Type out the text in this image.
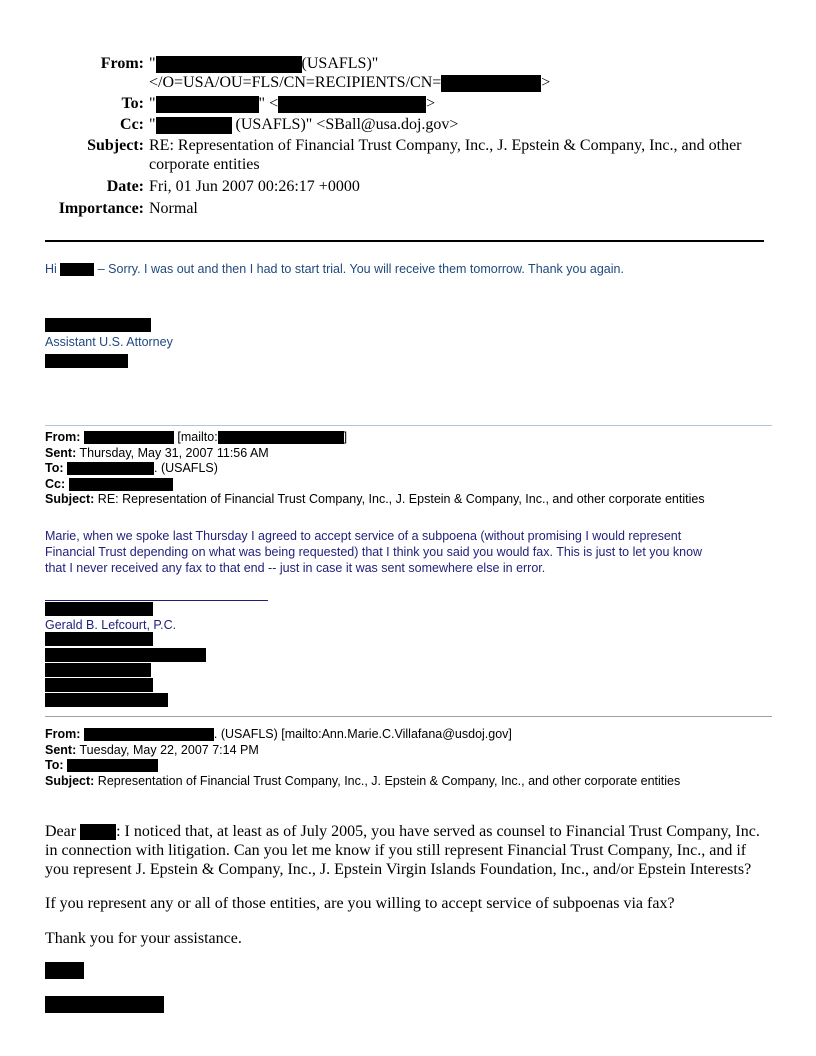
From: "	(USAFLS)"
</O=USA/OU=FLS/CN=RECIPIENTS/CN=	>
To: "	" <	>
Cc: "	(USAFLS)" <SBall@usa.doj.gov>
Subject: RE: Representation of Financial Trust Company, Inc., J. Epstein & Company, Inc., and other corporate entities
Date: Fri, 01 Jun 2007 00:26:17 +0000
Importance: Normal
Hi	– Sorry. I was out and then I had to start trial. You will receive them tomorrow. Thank you again.
Assistant U.S. Attorney
From:	[mailto:	]
Sent: Thursday, May 31, 2007 11:56 AM
To:	. (USAFLS)
Cc:
Subject: RE: Representation of Financial Trust Company, Inc., J. Epstein & Company, Inc., and other corporate entities
Marie, when we spoke last Thursday I agreed to accept service of a subpoena (without promising I would represent
Financial Trust depending on what was being requested) that I think you said you would fax. This is just to let you know
that I never received any fax to that end -- just in case it was sent somewhere else in error.
Gerald B. Lefcourt, P.C.
From:	. (USAFLS) [mailto:Ann.Marie.C.Villafana@usdoj.gov]
Sent: Tuesday, May 22, 2007 7:14 PM
To:
Subject: Representation of Financial Trust Company, Inc., J. Epstein & Company, Inc., and other corporate entities
Dear : I noticed that, at least as of July 2005, you have served as counsel to Financial Trust Company, Inc.
in connection with litigation. Can you let me know if you still represent Financial Trust Company, Inc., and if
you represent J. Epstein & Company, Inc., J. Epstein Virgin Islands Foundation, Inc., and/or Epstein Interests?
If you represent any or all of those entities, are you willing to accept service of subpoenas via fax?
Thank you for your assistance.
